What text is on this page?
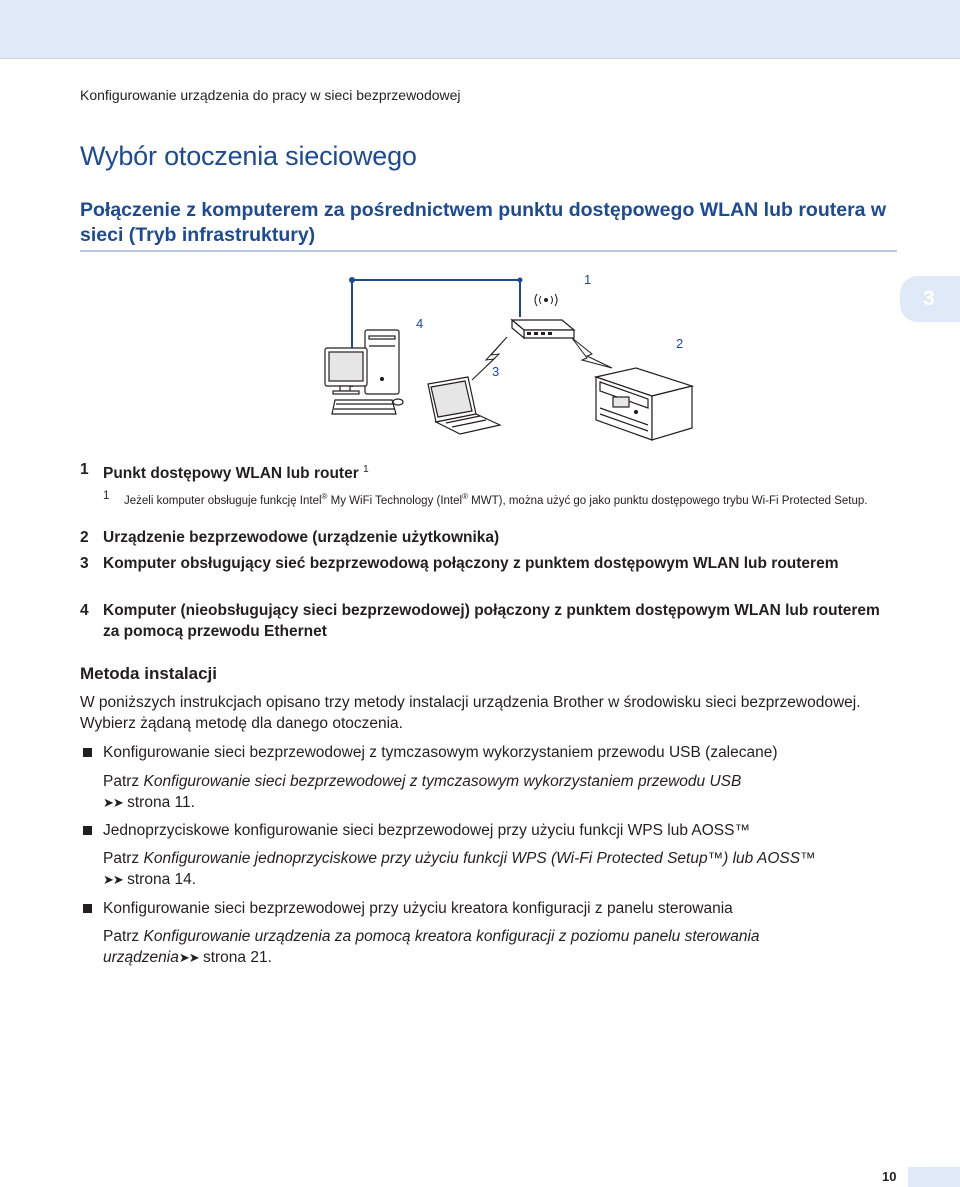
Konfigurowanie urządzenia do pracy w sieci bezprzewodowej
Wybór otoczenia sieciowego
Połączenie z komputerem za pośrednictwem punktu dostępowego WLAN lub routera w sieci (Tryb infrastruktury)
3
1
2
3
4
1 Punkt dostępowy WLAN lub router $^1$
1 Jeżeli komputer obsługuje funkcję Intel® My WiFi Technology (Intel® MWT), można użyć go jako punktu dostępowego trybu Wi-Fi Protected Setup.
2 Urządzenie bezprzewodowe (urządzenie użytkownika)
3 Komputer obsługujący sieć bezprzewodową połączony z punktem dostępowym WLAN lub routerem
4 Komputer (nieobsługujący sieci bezprzewodowej) połączony z punktem dostępowym WLAN lub routerem za pomocą przewodu Ethernet
Metoda instalacji
W poniższych instrukcjach opisano trzy metody instalacji urządzenia Brother w środowisku sieci bezprzewodowej. Wybierz żądaną metodę dla danego otoczenia.
Konfigurowanie sieci bezprzewodowej z tymczasowym wykorzystaniem przewodu USB (zalecane)
Patrz Konfigurowanie sieci bezprzewodowej z tymczasowym wykorzystaniem przewodu USB
➤➤ strona 11.
Jednoprzyciskowe konfigurowanie sieci bezprzewodowej przy użyciu funkcji WPS lub AOSS™
Patrz Konfigurowanie jednoprzyciskowe przy użyciu funkcji WPS (Wi-Fi Protected Setup™) lub AOSS™
➤➤ strona 14.
Konfigurowanie sieci bezprzewodowej przy użyciu kreatora konfiguracji z panelu sterowania
Patrz Konfigurowanie urządzenia za pomocą kreatora konfiguracji z poziomu panelu sterowania
urządzenia➤➤ strona 21.
10
